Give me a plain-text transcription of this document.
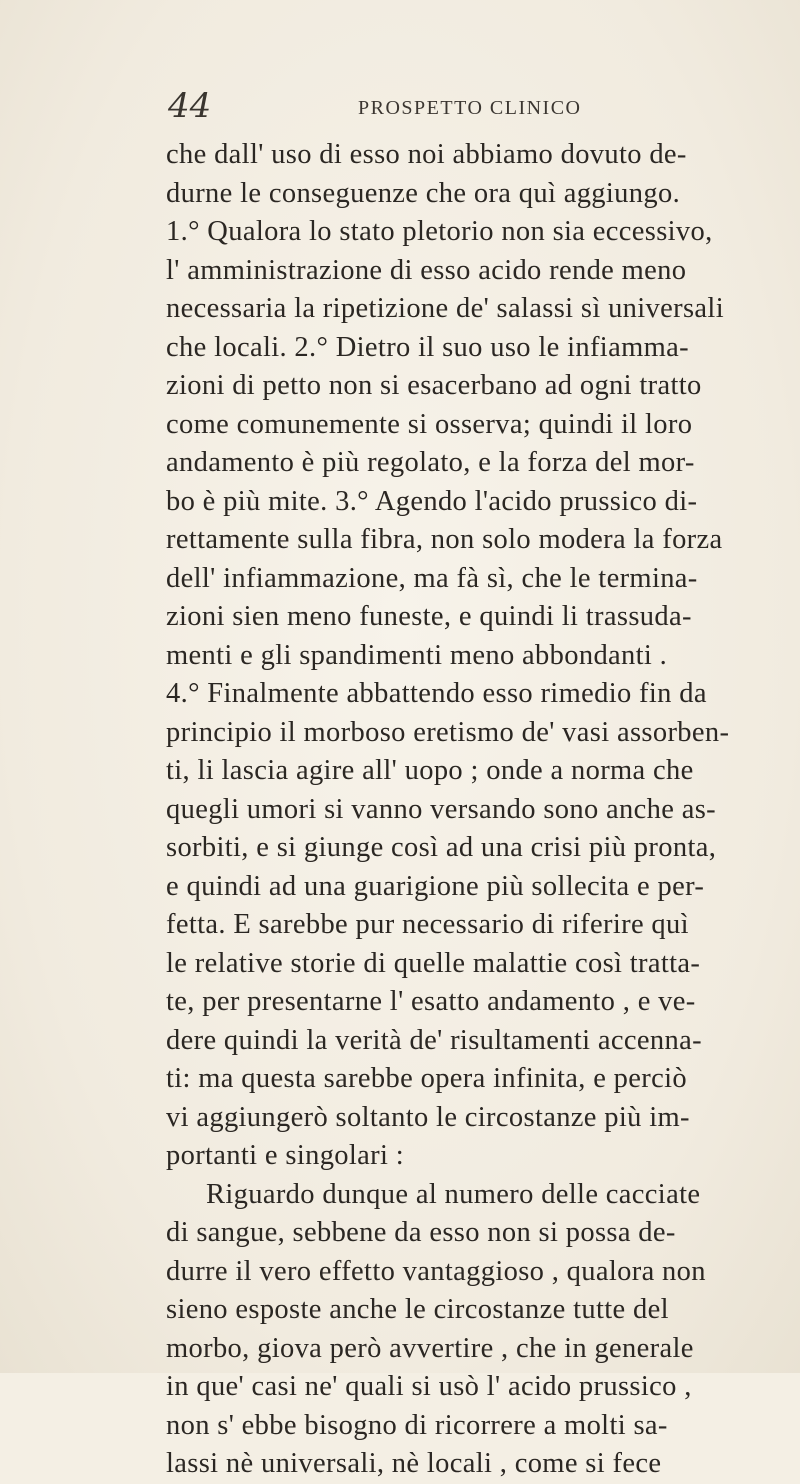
44	PROSPETTO CLINICO
che dall' uso di esso noi abbiamo dovuto de-
durne le conseguenze che ora quì aggiungo.
1.° Qualora lo stato pletorio non sia eccessivo,
l' amministrazione di esso acido rende meno
necessaria la ripetizione de' salassi sì universali
che locali. 2.° Dietro il suo uso le infiamma-
zioni di petto non si esacerbano ad ogni tratto
come comunemente si osserva; quindi il loro
andamento è più regolato, e la forza del mor-
bo è più mite. 3.° Agendo l'acido prussico di-
rettamente sulla fibra, non solo modera la forza
dell' infiammazione, ma fà sì, che le termina-
zioni sien meno funeste, e quindi li trassuda-
menti e gli spandimenti meno abbondanti .
4.° Finalmente abbattendo esso rimedio fin da
principio il morboso eretismo de' vasi assorben-
ti, li lascia agire all' uopo ; onde a norma che
quegli umori si vanno versando sono anche as-
sorbiti, e si giunge così ad una crisi più pronta,
e quindi ad una guarigione più sollecita e per-
fetta. E sarebbe pur necessario di riferire quì
le relative storie di quelle malattie così tratta-
te, per presentarne l' esatto andamento , e ve-
dere quindi la verità de' risultamenti accenna-
ti: ma questa sarebbe opera infinita, e perciò
vi aggiungerò soltanto le circostanze più im-
portanti e singolari :
Riguardo dunque al numero delle cacciate
di sangue, sebbene da esso non si possa de-
durre il vero effetto vantaggioso , qualora non
sieno esposte anche le circostanze tutte del
morbo, giova però avvertire , che in generale
in que' casi ne' quali si usò l' acido prussico ,
non s' ebbe bisogno di ricorrere a molti sa-
lassi nè universali, nè locali , come si fece
